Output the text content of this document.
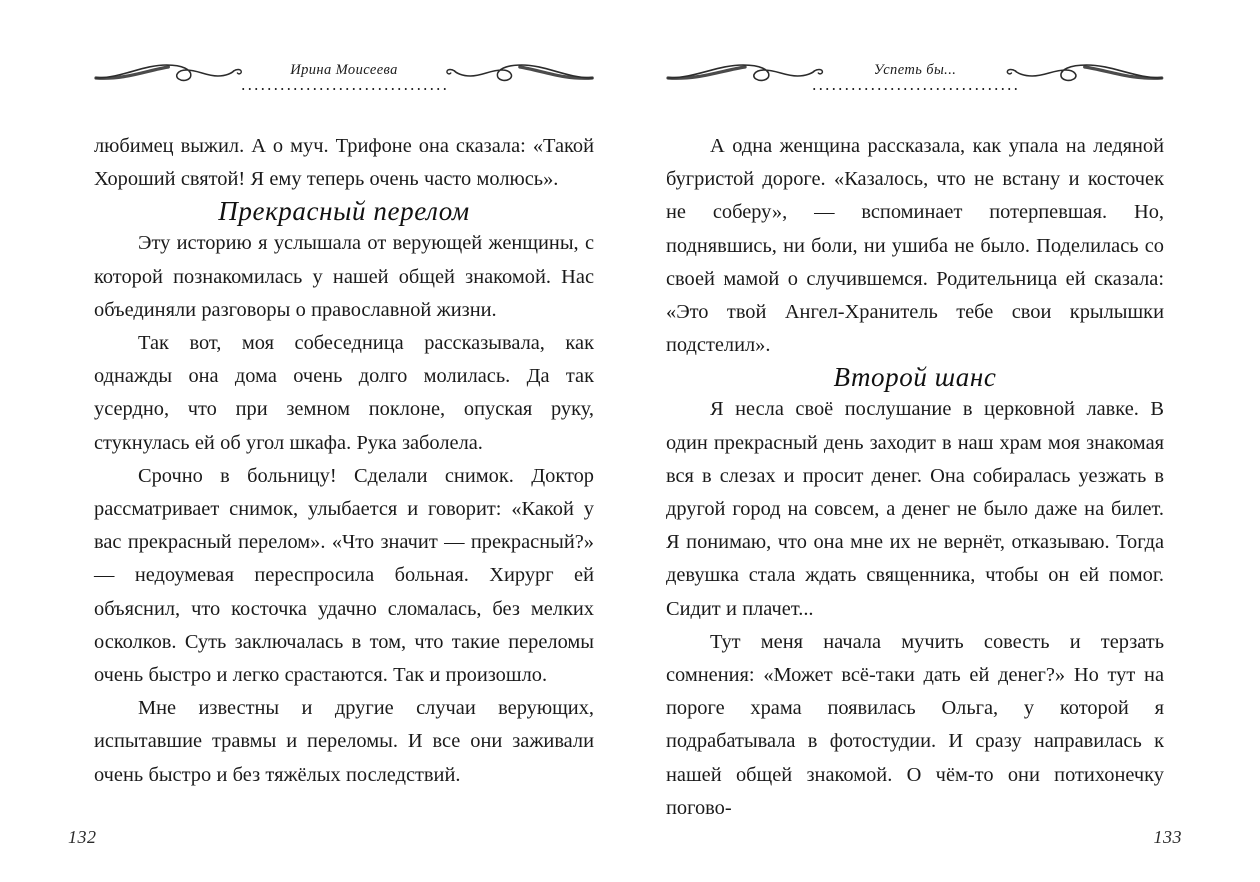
Ирина Моисеева

любимец выжил. А о муч. Трифоне она сказала: «Такой Хороший святой! Я ему теперь очень часто молюсь».

Прекрасный перелом

Эту историю я услышала от верующей женщины, с которой познакомилась у нашей общей знакомой. Нас объединяли разговоры о православной жизни.

Так вот, моя собеседница рассказывала, как однажды она дома очень долго молилась. Да так усердно, что при земном поклоне, опуская руку, стукнулась ей об угол шкафа. Рука заболела.

Срочно в больницу! Сделали снимок. Доктор рассматривает снимок, улыбается и говорит: «Какой у вас прекрасный перелом». «Что значит — прекрасный?» — недоумевая переспросила больная. Хирург ей объяснил, что косточка удачно сломалась, без мелких осколков. Суть заключалась в том, что такие переломы очень быстро и легко срастаются. Так и произошло.

Мне известны и другие случаи верующих, испытавшие травмы и переломы. И все они заживали очень быстро и без тяжёлых последствий.

132
Успеть бы...

А одна женщина рассказала, как упала на ледяной бугристой дороге. «Казалось, что не встану и косточек не соберу», — вспоминает потерпевшая. Но, поднявшись, ни боли, ни ушиба не было. Поделилась со своей мамой о случившемся. Родительница ей сказала: «Это твой Ангел-Хранитель тебе свои крылышки подстелил».

Второй шанс

Я несла своё послушание в церковной лавке. В один прекрасный день заходит в наш храм моя знакомая вся в слезах и просит денег. Она собиралась уезжать в другой город на совсем, а денег не было даже на билет. Я понимаю, что она мне их не вернёт, отказываю. Тогда девушка стала ждать священника, чтобы он ей помог. Сидит и плачет...

Тут меня начала мучить совесть и терзать сомнения: «Может всё-таки дать ей денег?» Но тут на пороге храма появилась Ольга, у которой я подрабатывала в фотостудии. И сразу направилась к нашей общей знакомой. О чём-то они потихонечку погово-

133
